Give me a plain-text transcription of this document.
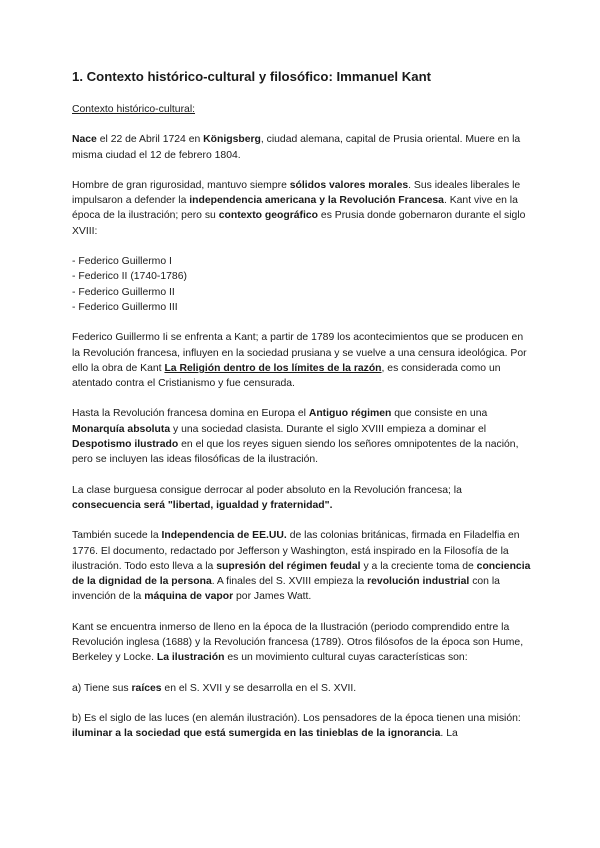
1. Contexto histórico-cultural y filosófico: Immanuel Kant
Contexto histórico-cultural:
Nace el 22 de Abril 1724 en Königsberg, ciudad alemana, capital de Prusia oriental. Muere en la misma ciudad el 12 de febrero 1804.
Hombre de gran rigurosidad, mantuvo siempre sólidos valores morales. Sus ideales liberales le impulsaron a defender la independencia americana y la Revolución Francesa. Kant vive en la época de la ilustración; pero su contexto geográfico es Prusia donde gobernaron durante el siglo XVIII:
- Federico Guillermo I
- Federico II (1740-1786)
- Federico Guillermo II
- Federico Guillermo III
Federico Guillermo Ii se enfrenta a Kant; a partir de 1789 los acontecimientos que se producen en la Revolución francesa, influyen en la sociedad prusiana y se vuelve a una censura ideológica. Por ello la obra de Kant La Religión dentro de los límites de la razón, es considerada como un atentado contra el Cristianismo y fue censurada.
Hasta la Revolución francesa domina en Europa el Antiguo régimen que consiste en una Monarquía absoluta y una sociedad clasista. Durante el siglo XVIII empieza a dominar el Despotismo ilustrado en el que los reyes siguen siendo los señores omnipotentes de la nación, pero se incluyen las ideas filosóficas de la ilustración.
La clase burguesa consigue derrocar al poder absoluto en la Revolución francesa; la consecuencia será "libertad, igualdad y fraternidad".
También sucede la Independencia de EE.UU. de las colonias británicas, firmada en Filadelfia en 1776. El documento, redactado por Jefferson y Washington, está inspirado en la Filosofía de la ilustración. Todo esto lleva a la supresión del régimen feudal y a la creciente toma de conciencia de la dignidad de la persona. A finales del S. XVIII empieza la revolución industrial con la invención de la máquina de vapor por James Watt.
Kant se encuentra inmerso de lleno en la época de la Ilustración (periodo comprendido entre la Revolución inglesa (1688) y la Revolución francesa (1789). Otros filósofos de la época son Hume, Berkeley y Locke. La ilustración es un movimiento cultural cuyas características son:
a) Tiene sus raíces en el S. XVII y se desarrolla en el S. XVII.
b) Es el siglo de las luces (en alemán ilustración). Los pensadores de la época tienen una misión: iluminar a la sociedad que está sumergida en las tinieblas de la ignorancia. La
